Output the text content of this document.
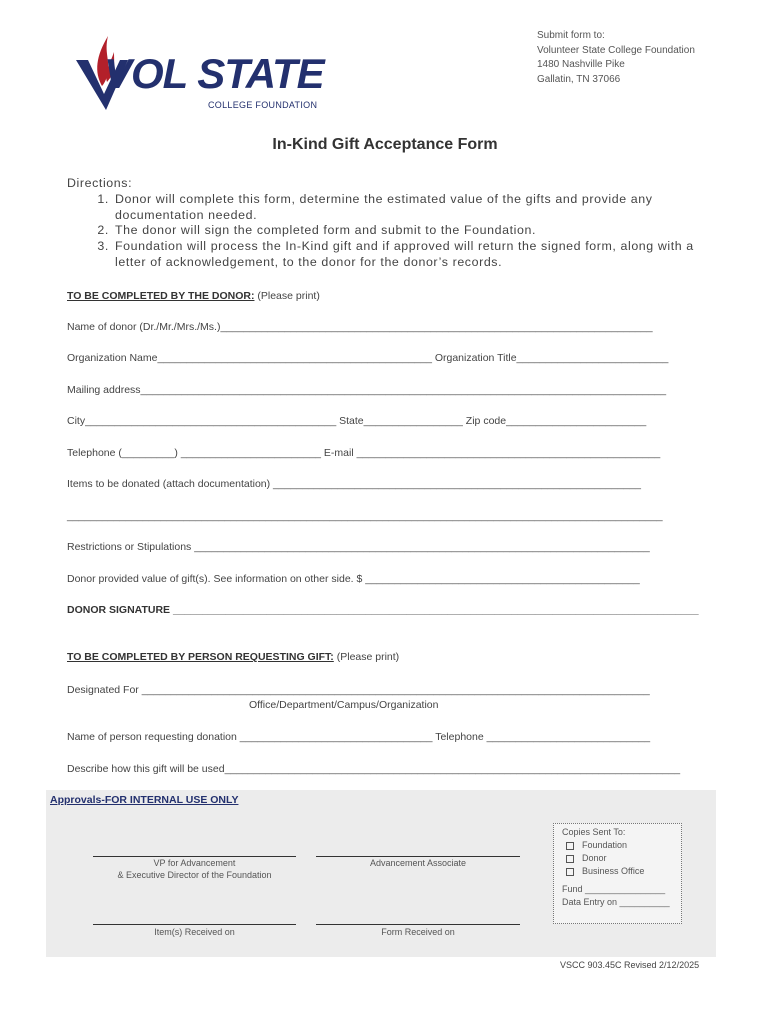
VOL STATE
COLLEGE FOUNDATION
Submit form to:
Volunteer State College Foundation
1480 Nashville Pike
Gallatin, TN 37066
In-Kind Gift Acceptance Form
Directions:
1. Donor will complete this form, determine the estimated value of the gifts and provide any documentation needed.
2. The donor will sign the completed form and submit to the Foundation.
3. Foundation will process the In-Kind gift and if approved will return the signed form, along with a letter of acknowledgement, to the donor for the donor’s records.
TO BE COMPLETED BY THE DONOR: (Please print)
Name of donor (Dr./Mr./Mrs./Ms.)__________________________________________________________________________
Organization Name_______________________________________________ Organization Title__________________________
Mailing address__________________________________________________________________________________________
City___________________________________________ State_________________ Zip code________________________
Telephone (_________) ________________________ E-mail ____________________________________________________
Items to be donated (attach documentation) _______________________________________________________________
______________________________________________________________________________________________________
Restrictions or Stipulations ______________________________________________________________________________
Donor provided value of gift(s). See information on other side. $ _______________________________________________
DONOR SIGNATURE __________________________________________________________________________________________
TO BE COMPLETED BY PERSON REQUESTING GIFT: (Please print)
Designated For _______________________________________________________________________________________
Office/Department/Campus/Organization
Name of person requesting donation _________________________________ Telephone ____________________________
Describe how this gift will be used______________________________________________________________________________
Approvals-FOR INTERNAL USE ONLY
VP for Advancement
& Executive Director of the Foundation
Advancement Associate
Item(s) Received on	Form Received on
Copies Sent To:
Foundation
Donor
Business Office
Fund ________________
Data Entry on __________
VSCC 903.45C Revised 2/12/2025
